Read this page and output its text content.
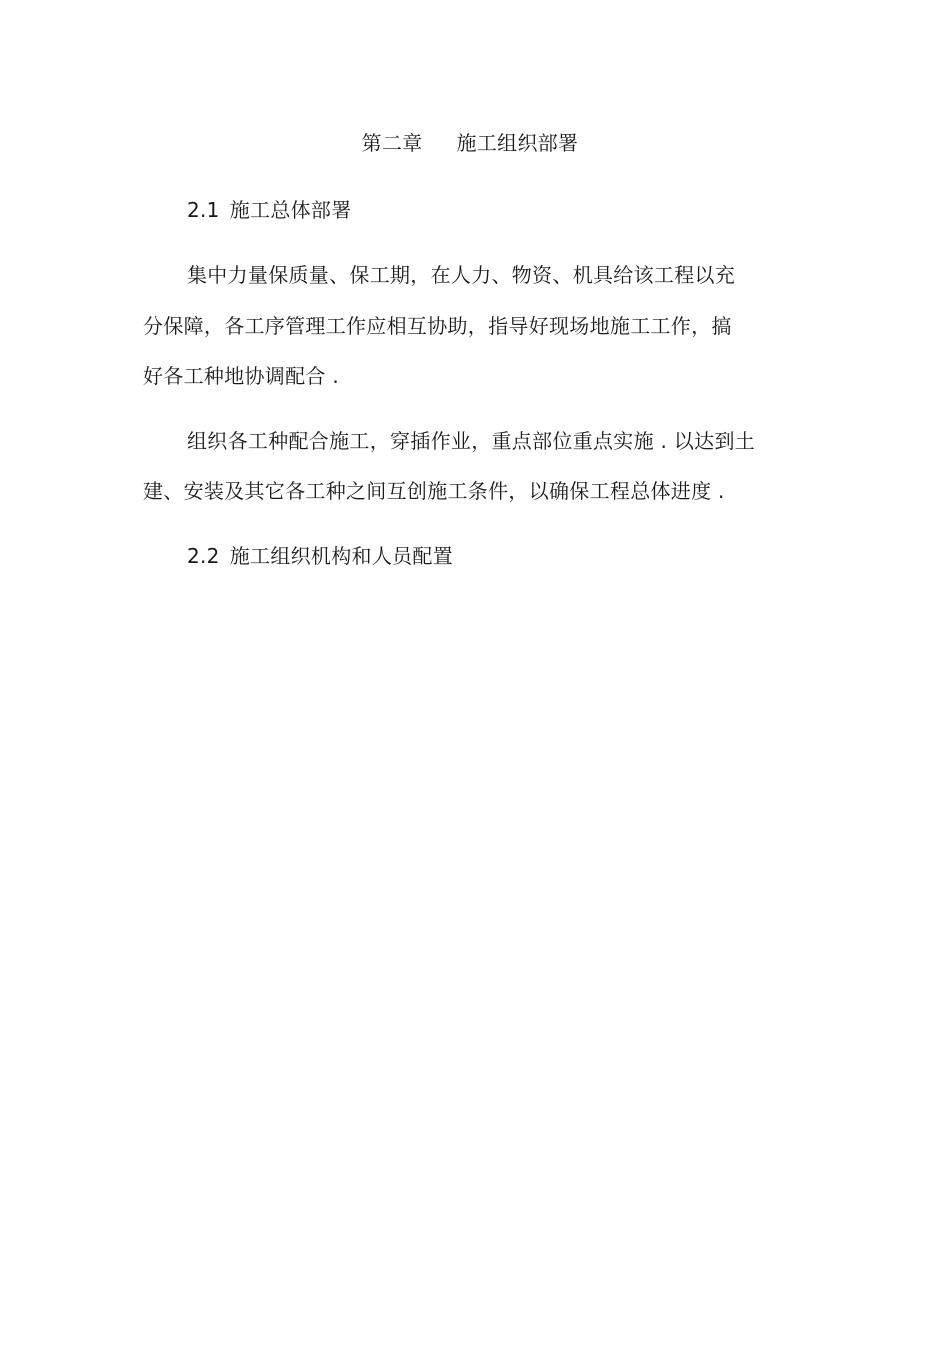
第二章 施工组织部署
2.1 施工总体部署
集中力量保质量、保工期，在人力、物资、机具给该工程以充
分保障，各工序管理工作应相互协助，指导好现场地施工工作，搞
好各工种地协调配合 .
组织各工种配合施工，穿插作业，重点部位重点实施 . 以达到土
建、安装及其它各工种之间互创施工条件，以确保工程总体进度 .
2.2 施工组织机构和人员配置
